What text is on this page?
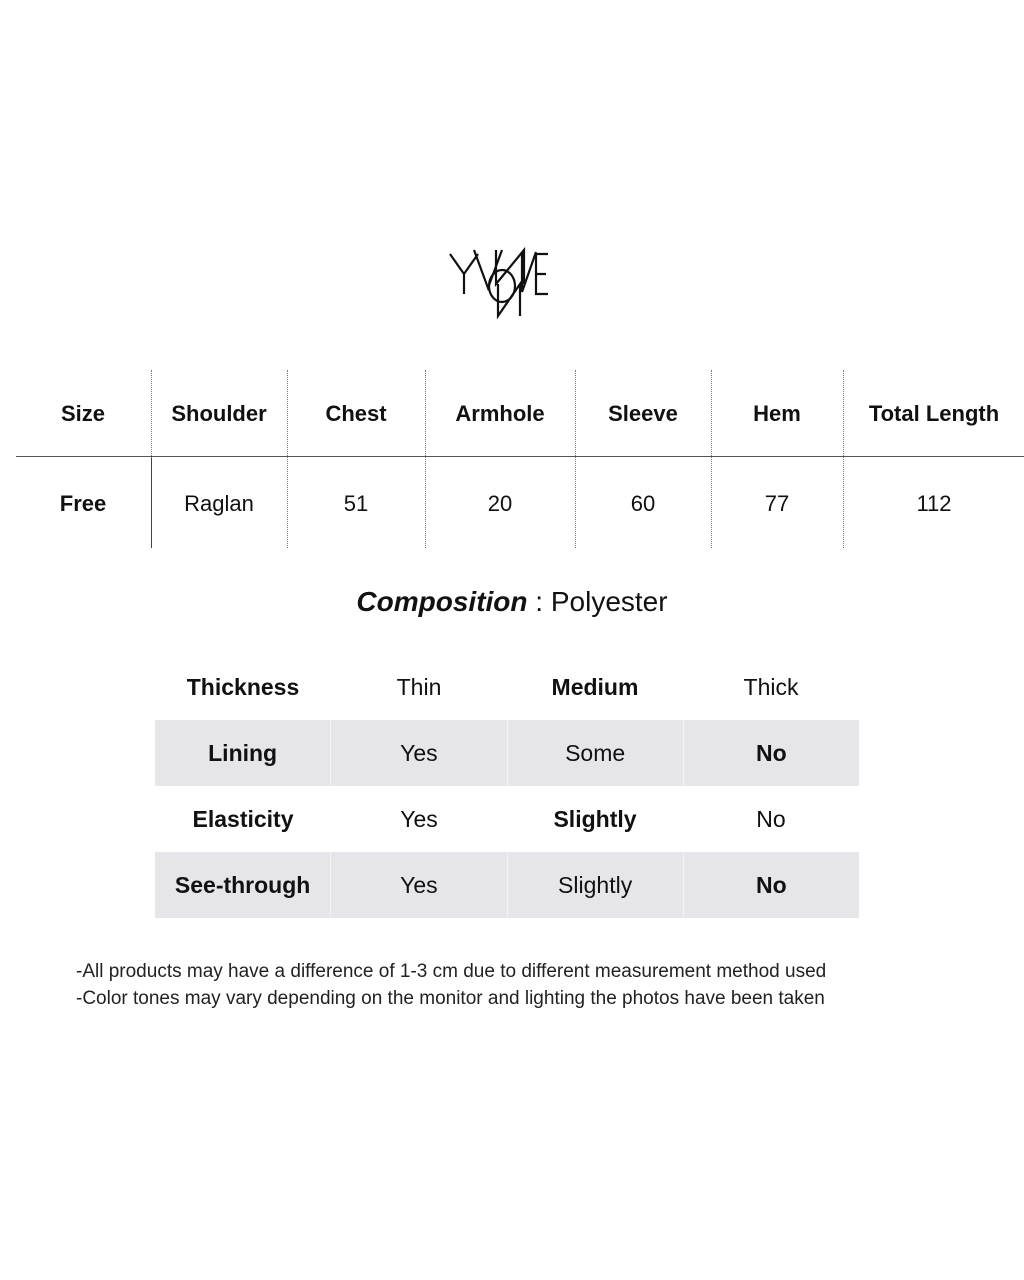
Size	Shoulder	Chest	Armhole	Sleeve	Hem	Total Length
Free	Raglan	51	20	60	77	112
Composition : Polyester
Thickness	Thin	Medium	Thick
Lining	Yes	Some	No
Elasticity	Yes	Slightly	No
See-through	Yes	Slightly	No
-All products may have a difference of 1-3 cm due to different measurement method used
-Color tones may vary depending on the monitor and lighting the photos have been taken
